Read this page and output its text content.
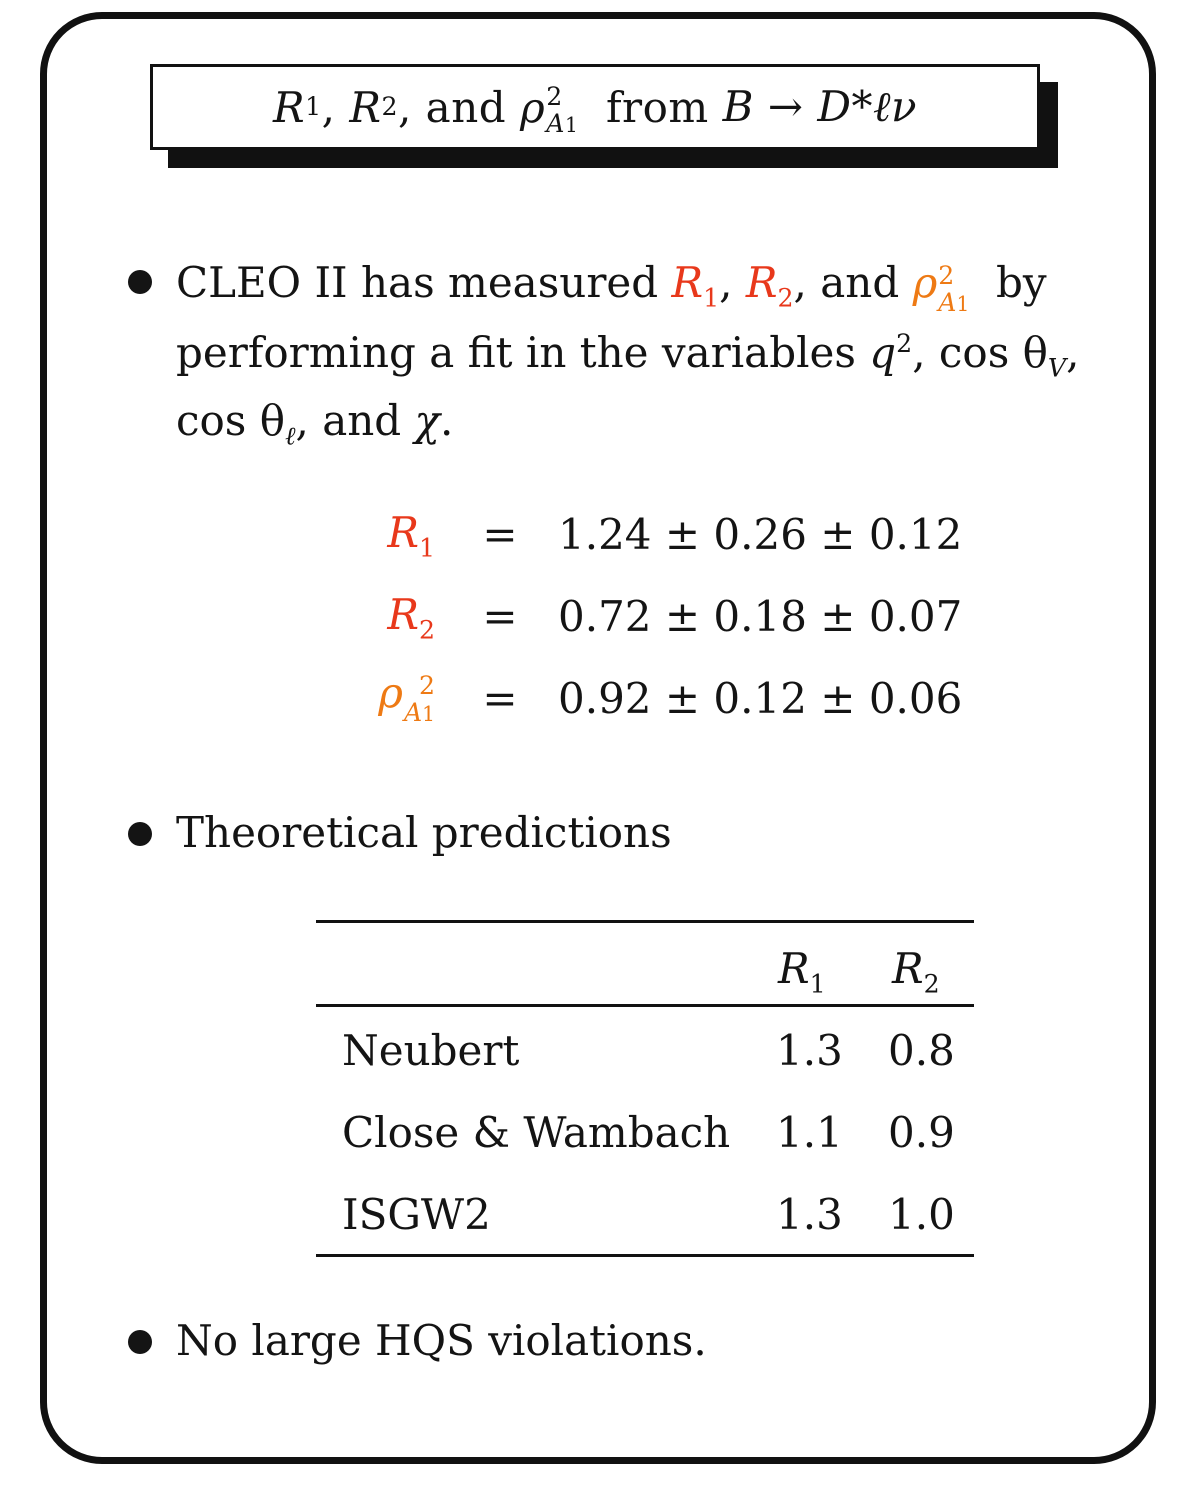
R 1 ,
R 2 , and
ρ 2
A1
from
B → D*ℓν
CLEO II has measured $R_1$, $R_2$, and ρ 2
A1 by
performing a fit in the variables $q^2$, $\cos \theta_V$,
$\cos \theta_\ell$, and χ.
$R_1 = 1.24 \pm 0.26 \pm 0.12$
$R_2 = 0.72 \pm 0.18 \pm 0.07$
ρ 2
A1 = 0.92 ± 0.12 ± 0.06
Theoretical predictions
$R_1$ $R_2$
Neubert	1.3 0.8
Close & Wambach 1.1 0.9
ISGW2	1.3 1.0
No large HQS violations.
